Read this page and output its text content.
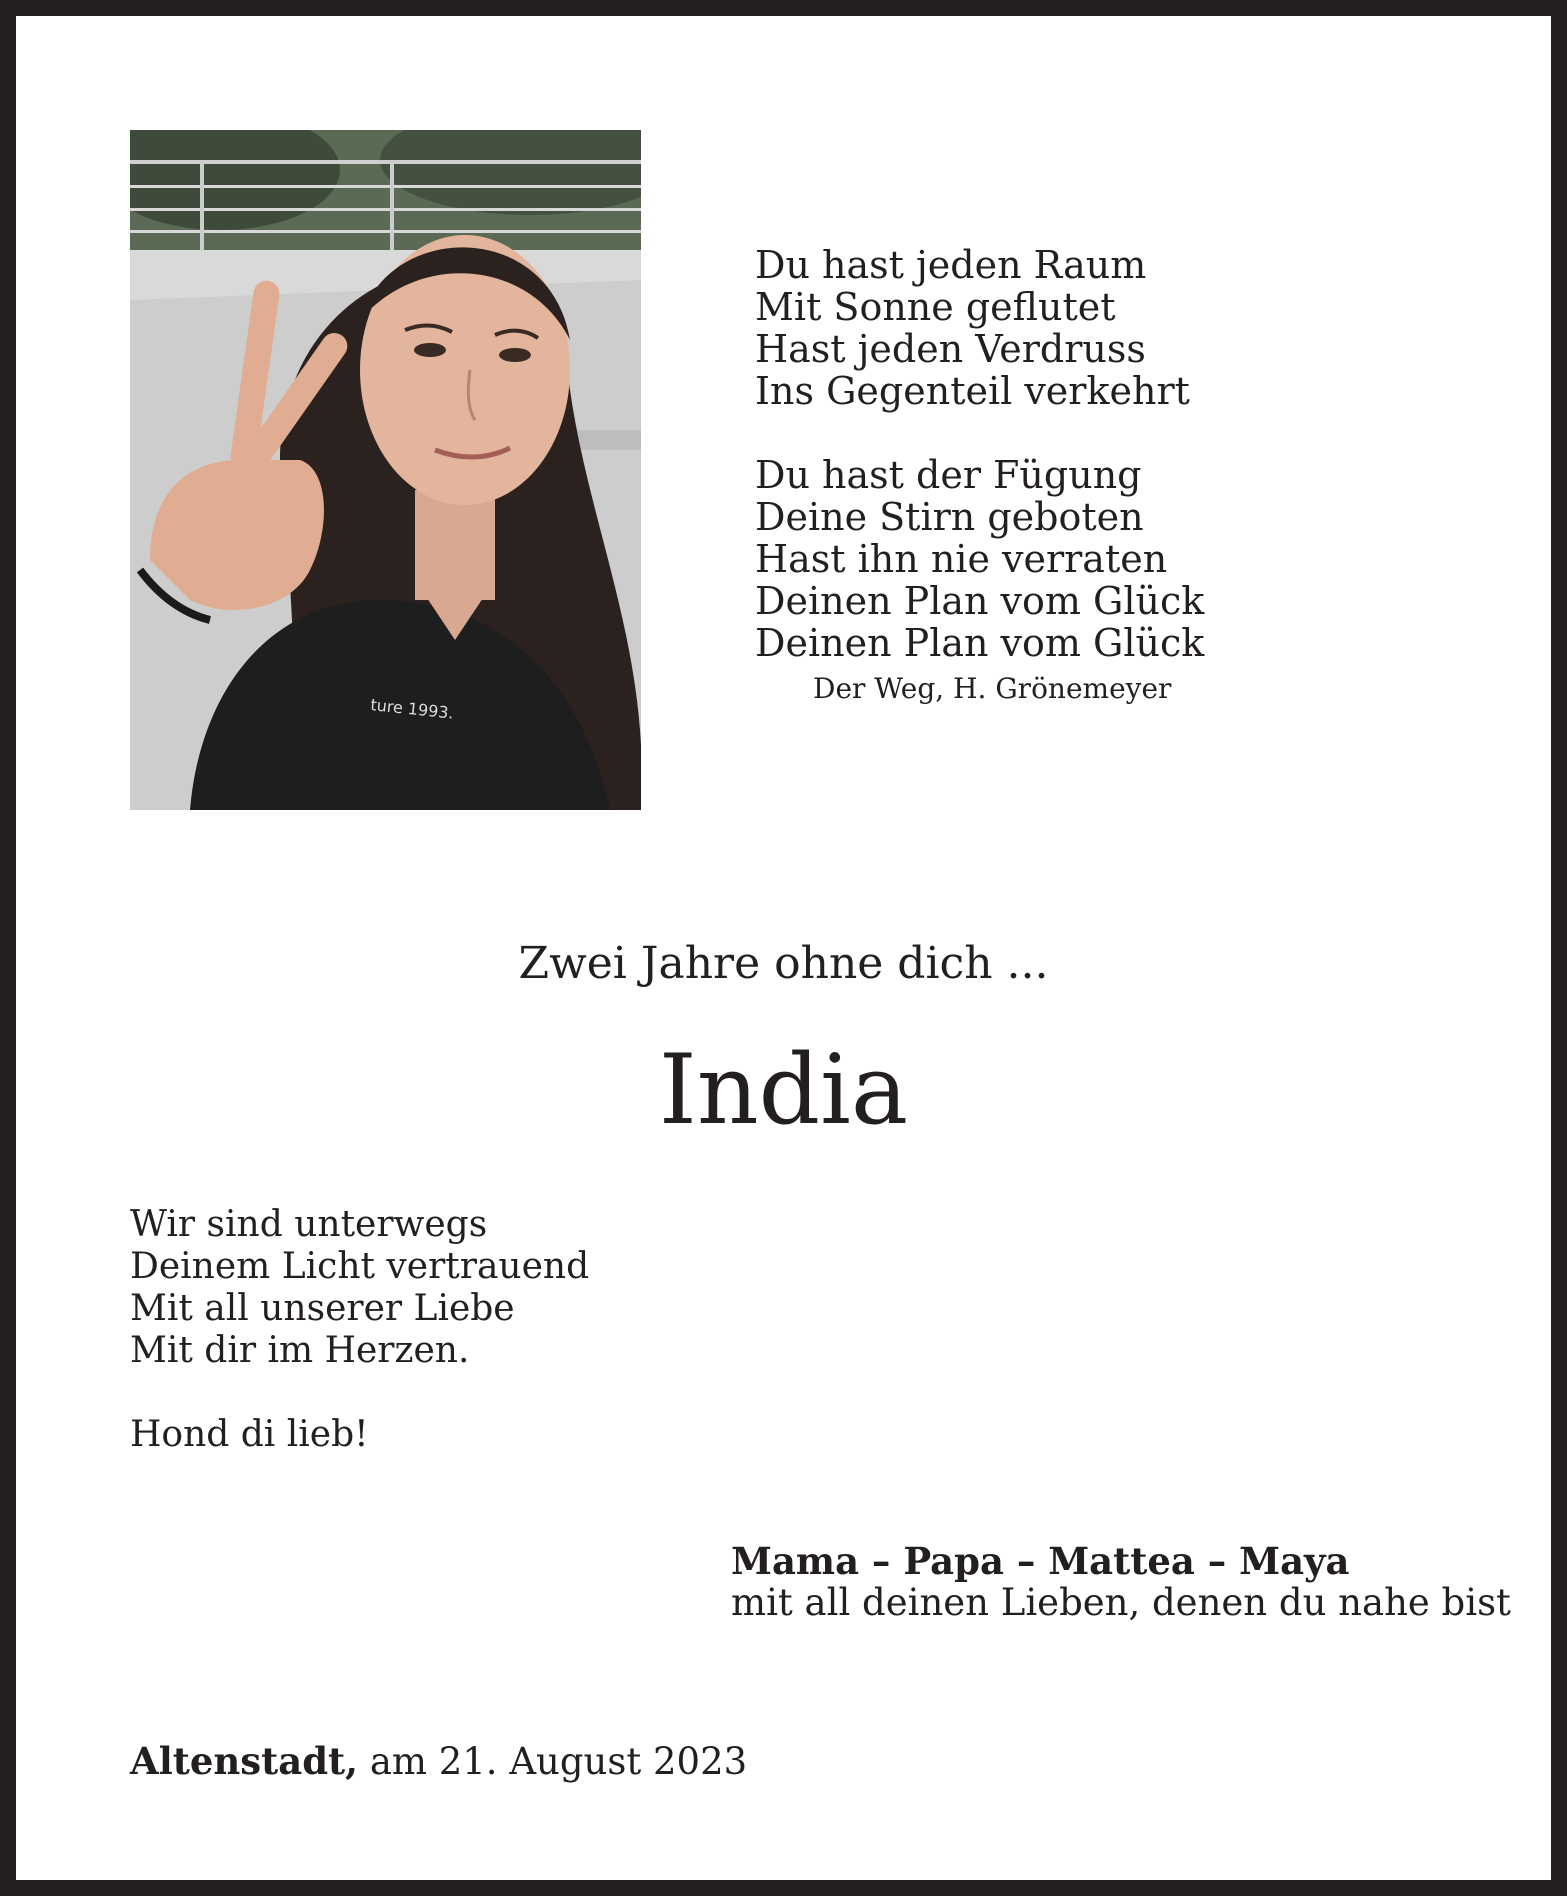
ture 1993.
Du hast jeden Raum
Mit Sonne geflutet
Hast jeden Verdruss
Ins Gegenteil verkehrt
Du hast der Fügung
Deine Stirn geboten
Hast ihn nie verraten
Deinen Plan vom Glück
Deinen Plan vom Glück
Der Weg, H. Grönemeyer
Zwei Jahre ohne dich ...
India
Wir sind unterwegs
Deinem Licht vertrauend
Mit all unserer Liebe
Mit dir im Herzen.
Hond di lieb!
Mama – Papa – Mattea – Maya
mit all deinen Lieben, denen du nahe bist
Altenstadt, am 21. August 2023
